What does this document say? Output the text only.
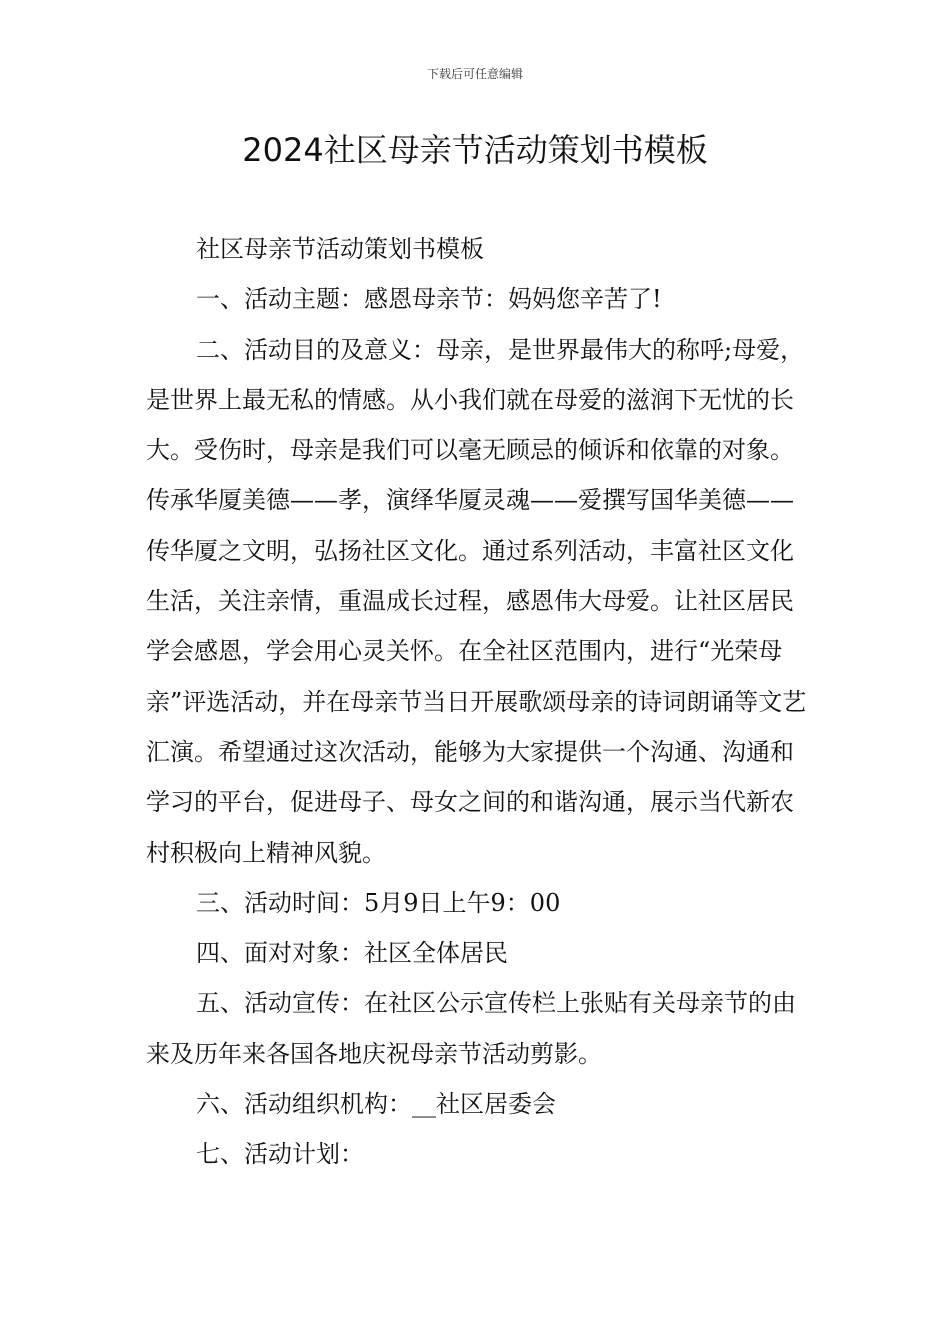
下载后可任意编辑
2024社区母亲节活动策划书模板

社区母亲节活动策划书模板

一、活动主题：感恩母亲节：妈妈您辛苦了!

二、活动目的及意义：母亲，是世界最伟大的称呼;母爱，是世界上最无私的情感。从小我们就在母爱的滋润下无忧的长大。受伤时，母亲是我们可以毫无顾忌的倾诉和依靠的对象。传承华厦美德——孝，演绎华厦灵魂——爱撰写国华美德——传华厦之文明，弘扬社区文化。通过系列活动，丰富社区文化生活，关注亲情，重温成长过程，感恩伟大母爱。让社区居民学会感恩，学会用心灵关怀。在全社区范围内，进行“光荣母亲”评选活动，并在母亲节当日开展歌颂母亲的诗词朗诵等文艺汇演。希望通过这次活动，能够为大家提供一个沟通、沟通和学习的平台，促进母子、母女之间的和谐沟通，展示当代新农村积极向上精神风貌。

三、活动时间：5月9日上午9：00

四、面对对象：社区全体居民

五、活动宣传：在社区公示宣传栏上张贴有关母亲节的由来及历年来各国各地庆祝母亲节活动剪影。

六、活动组织机构：__社区居委会

七、活动计划：
